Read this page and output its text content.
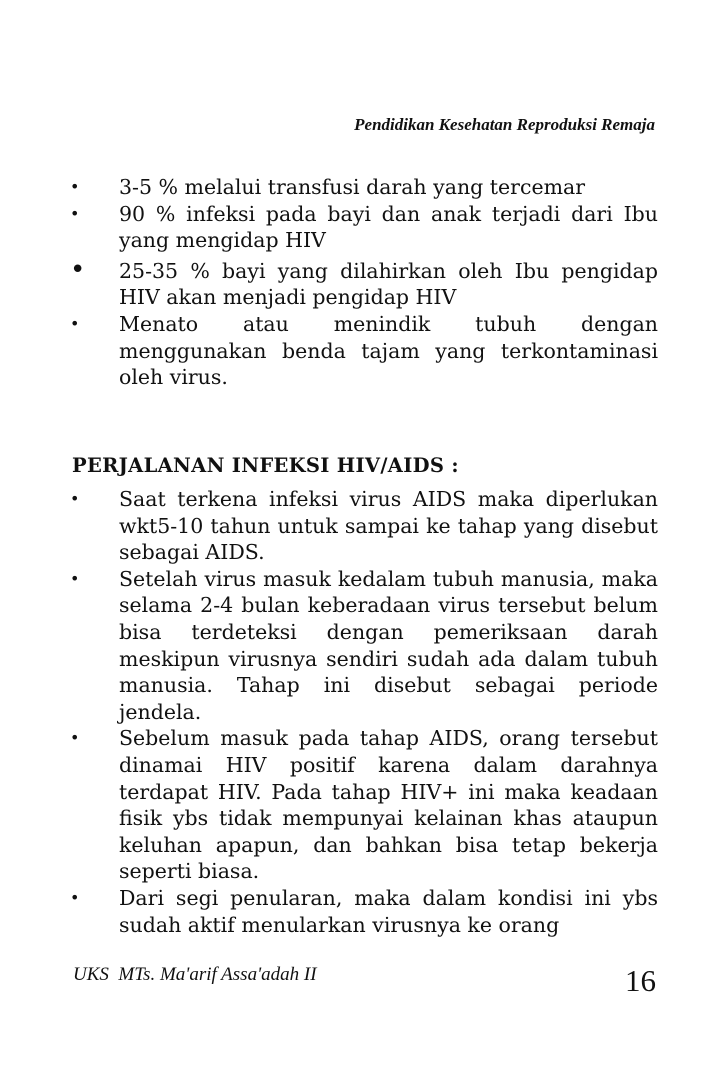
Pendidikan Kesehatan Reproduksi Remaja
•	3-5 % melalui transfusi darah yang tercemar
•	90 % infeksi pada bayi dan anak terjadi dari Ibu yang mengidap HIV
• 25-35 % bayi yang dilahirkan oleh Ibu pengidap HIV akan menjadi pengidap HIV
•	Menato atau menindik tubuh dengan menggunakan benda tajam yang terkontaminasi oleh virus.
PERJALANAN INFEKSI HIV/AIDS :
•	Saat terkena infeksi virus AIDS maka diperlukan wkt5-10 tahun untuk sampai ke tahap yang disebut    sebagai AIDS.
•	Setelah virus masuk kedalam tubuh manusia, maka selama 2-4 bulan keberadaan virus tersebut belum bisa terdeteksi dengan pemeriksaan darah meskipun virusnya sendiri sudah ada dalam tubuh manusia. Tahap ini disebut sebagai periode jendela.
•	Sebelum masuk pada tahap AIDS, orang tersebut dinamai HIV positif karena dalam darahnya terdapat HIV. Pada tahap HIV+ ini maka keadaan fisik ybs tidak mempunyai kelainan khas ataupun keluhan apapun, dan bahkan bisa tetap bekerja seperti biasa.
•	Dari segi penularan, maka dalam kondisi ini ybs sudah aktif menularkan virusnya ke orang
UKS  MTs. Ma'arif Assa'adah II	16
